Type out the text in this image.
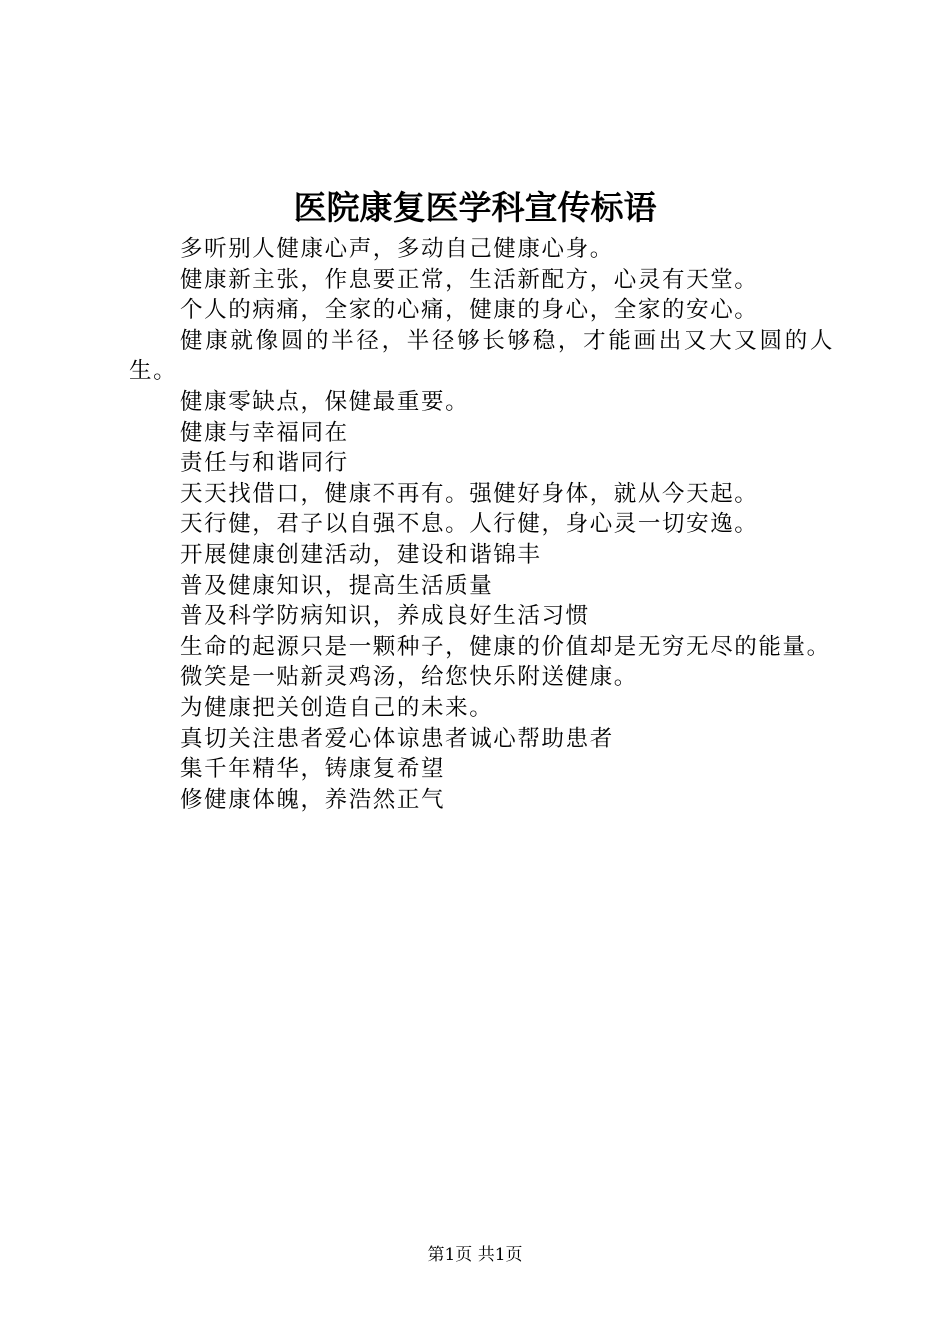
医院康复医学科宣传标语

多听别人健康心声，多动自己健康心身。

健康新主张，作息要正常，生活新配方，心灵有天堂。

个人的病痛，全家的心痛，健康的身心，全家的安心。

健康就像圆的半径，半径够长够稳，才能画出又大又圆的人生。

健康零缺点，保健最重要。

健康与幸福同在

责任与和谐同行

天天找借口，健康不再有。强健好身体，就从今天起。

天行健，君子以自强不息。人行健，身心灵一切安逸。

开展健康创建活动，建设和谐锦丰

普及健康知识，提高生活质量

普及科学防病知识，养成良好生活习惯

生命的起源只是一颗种子，健康的价值却是无穷无尽的能量。

微笑是一贴新灵鸡汤，给您快乐附送健康。

为健康把关创造自己的未来。

真切关注患者爱心体谅患者诚心帮助患者

集千年精华，铸康复希望

修健康体魄，养浩然正气

第1页 共1页
